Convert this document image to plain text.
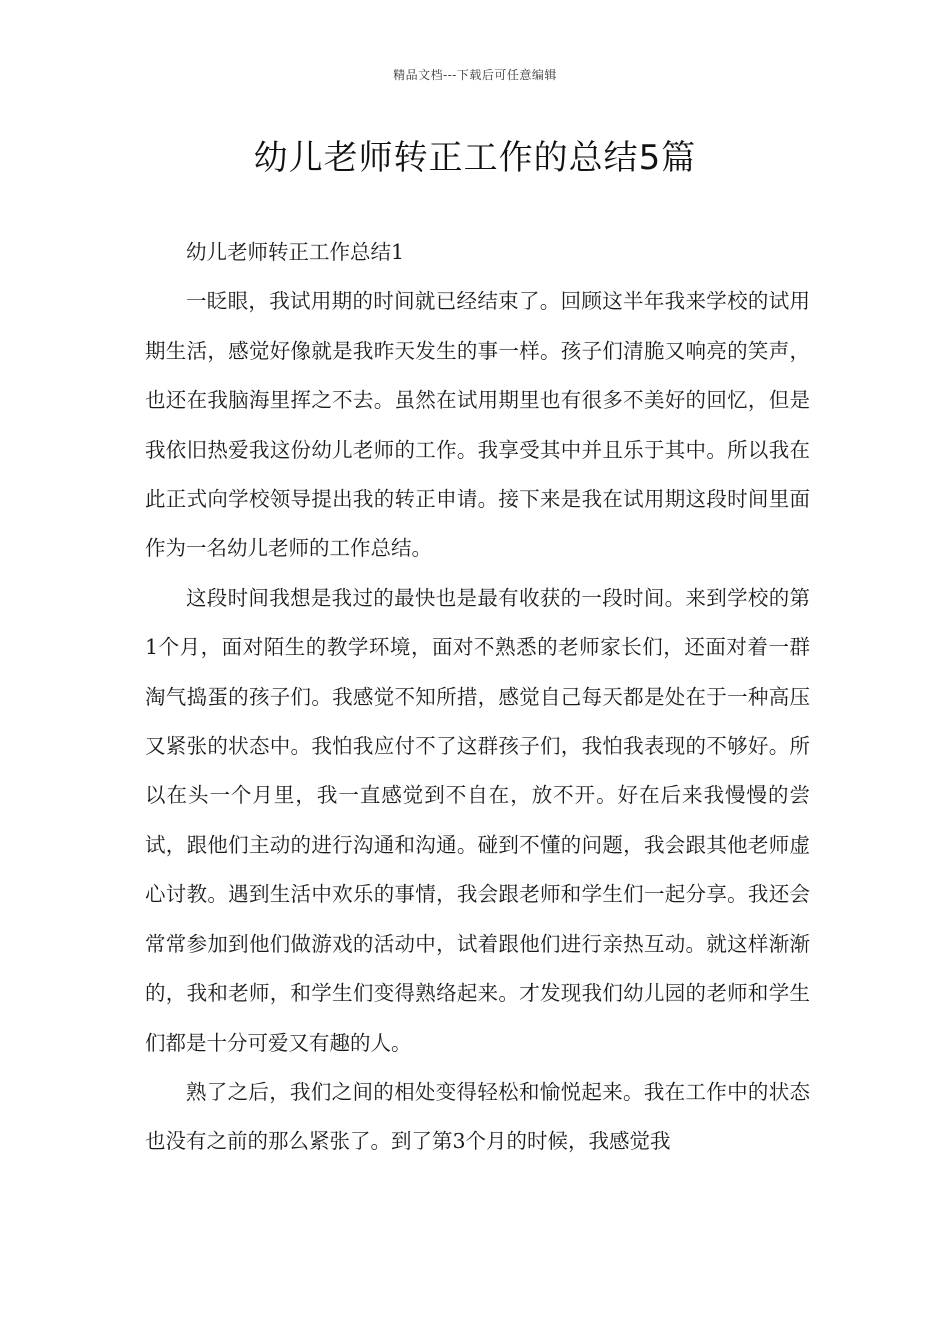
精品文档---下载后可任意编辑
幼儿老师转正工作的总结5篇

幼儿老师转正工作总结1

一眨眼，我试用期的时间就已经结束了。回顾这半年我来学校的试用期生活，感觉好像就是我昨天发生的事一样。孩子们清脆又响亮的笑声，也还在我脑海里挥之不去。虽然在试用期里也有很多不美好的回忆，但是我依旧热爱我这份幼儿老师的工作。我享受其中并且乐于其中。所以我在此正式向学校领导提出我的转正申请。接下来是我在试用期这段时间里面作为一名幼儿老师的工作总结。

这段时间我想是我过的最快也是最有收获的一段时间。来到学校的第1个月，面对陌生的教学环境，面对不熟悉的老师家长们，还面对着一群淘气捣蛋的孩子们。我感觉不知所措，感觉自己每天都是处在于一种高压又紧张的状态中。我怕我应付不了这群孩子们，我怕我表现的不够好。所以在头一个月里，我一直感觉到不自在，放不开。好在后来我慢慢的尝试，跟他们主动的进行沟通和沟通。碰到不懂的问题，我会跟其他老师虚心讨教。遇到生活中欢乐的事情，我会跟老师和学生们一起分享。我还会常常参加到他们做游戏的活动中，试着跟他们进行亲热互动。就这样渐渐的，我和老师，和学生们变得熟络起来。才发现我们幼儿园的老师和学生们都是十分可爱又有趣的人。

熟了之后，我们之间的相处变得轻松和愉悦起来。我在工作中的状态也没有之前的那么紧张了。到了第3个月的时候，我感觉我
